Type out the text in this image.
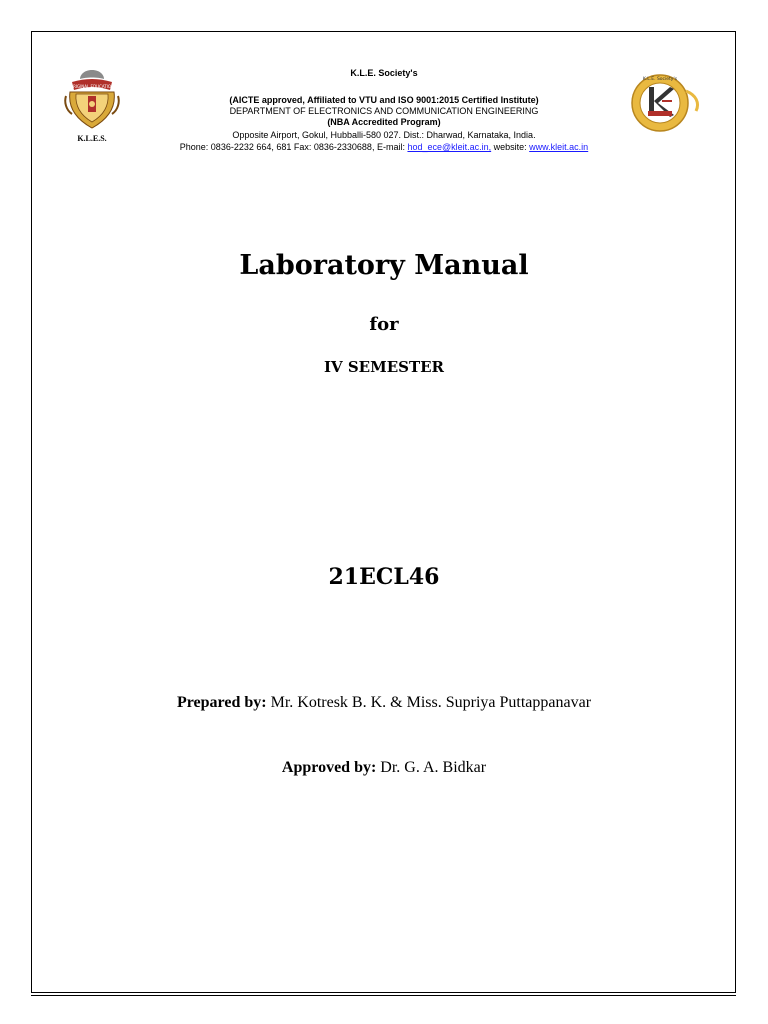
ORIGINAL EDUCATION
K.L.E.S.
K.L.E. Society's
K.L.E. Society's
(AICTE approved, Affiliated to VTU and ISO 9001:2015 Certified Institute)
DEPARTMENT OF ELECTRONICS AND COMMUNICATION ENGINEERING
(NBA Accredited Program)
Opposite Airport, Gokul, Hubballi-580 027. Dist.: Dharwad, Karnataka, India.
Phone: 0836-2232 664, 681 Fax: 0836-2330688, E-mail: hod_ece@kleit.ac.in, website: www.kleit.ac.in
Laboratory Manual
for
IV SEMESTER
21ECL46
Prepared by: Mr. Kotresk B. K. & Miss. Supriya Puttappanavar
Approved by: Dr. G. A. Bidkar
